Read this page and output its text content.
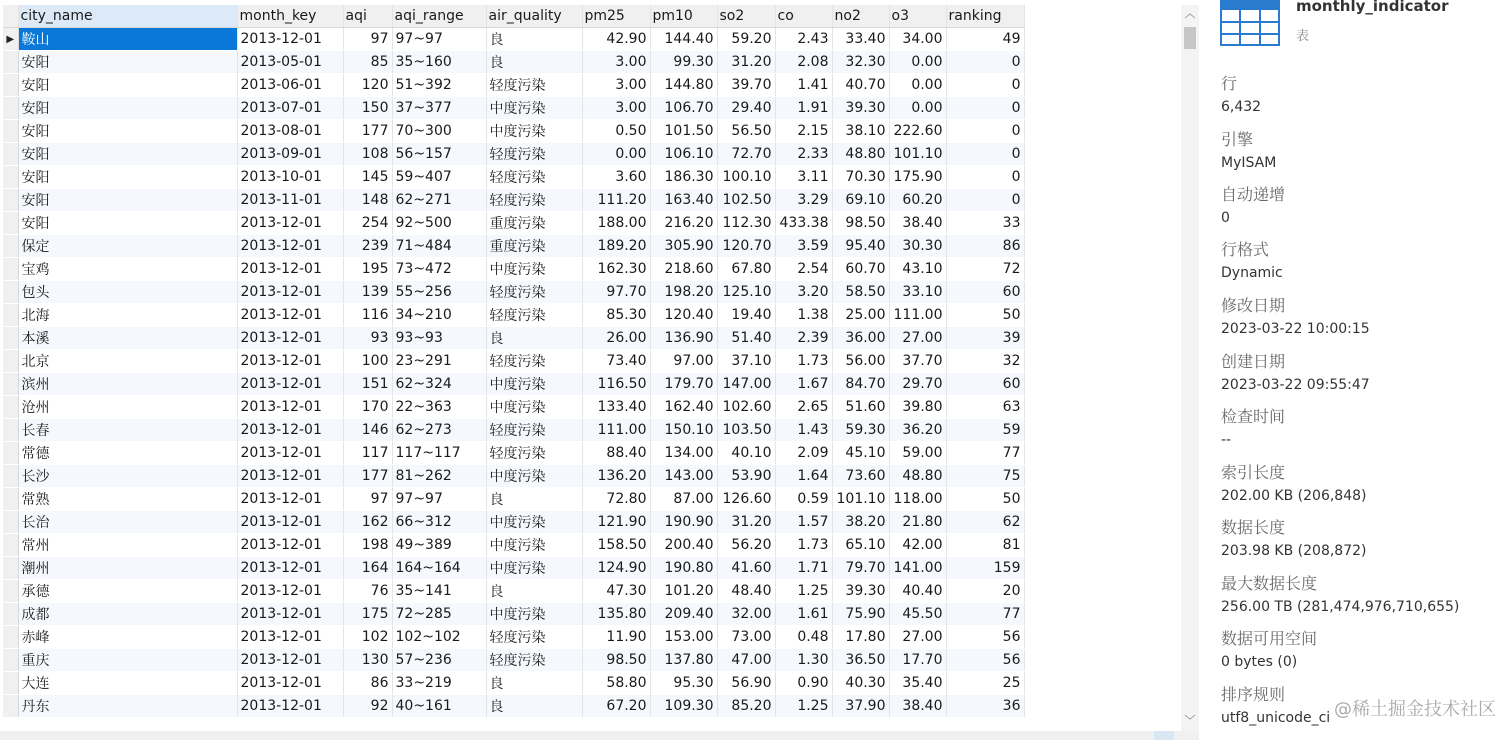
	city_name	month_key	aqi	aqi_range	air_quality	pm25	pm10	so2	co	no2	o3	ranking
▶	鞍山	2013-12-01	97	97~97	良	42.90	144.40	59.20	2.43	33.40	34.00	49
	安阳	2013-05-01	85	35~160	良	3.00	99.30	31.20	2.08	32.30	0.00	0
	安阳	2013-06-01	120	51~392	轻度污染	3.00	144.80	39.70	1.41	40.70	0.00	0
	安阳	2013-07-01	150	37~377	中度污染	3.00	106.70	29.40	1.91	39.30	0.00	0
	安阳	2013-08-01	177	70~300	中度污染	0.50	101.50	56.50	2.15	38.10	222.60	0
	安阳	2013-09-01	108	56~157	轻度污染	0.00	106.10	72.70	2.33	48.80	101.10	0
	安阳	2013-10-01	145	59~407	轻度污染	3.60	186.30	100.10	3.11	70.30	175.90	0
	安阳	2013-11-01	148	62~271	轻度污染	111.20	163.40	102.50	3.29	69.10	60.20	0
	安阳	2013-12-01	254	92~500	重度污染	188.00	216.20	112.30	433.38	98.50	38.40	33
	保定	2013-12-01	239	71~484	重度污染	189.20	305.90	120.70	3.59	95.40	30.30	86
	宝鸡	2013-12-01	195	73~472	中度污染	162.30	218.60	67.80	2.54	60.70	43.10	72
	包头	2013-12-01	139	55~256	轻度污染	97.70	198.20	125.10	3.20	58.50	33.10	60
	北海	2013-12-01	116	34~210	轻度污染	85.30	120.40	19.40	1.38	25.00	111.00	50
	本溪	2013-12-01	93	93~93	良	26.00	136.90	51.40	2.39	36.00	27.00	39
	北京	2013-12-01	100	23~291	轻度污染	73.40	97.00	37.10	1.73	56.00	37.70	32
	滨州	2013-12-01	151	62~324	中度污染	116.50	179.70	147.00	1.67	84.70	29.70	60
	沧州	2013-12-01	170	22~363	中度污染	133.40	162.40	102.60	2.65	51.60	39.80	63
	长春	2013-12-01	146	62~273	轻度污染	111.00	150.10	103.50	1.43	59.30	36.20	59
	常德	2013-12-01	117	117~117	轻度污染	88.40	134.00	40.10	2.09	45.10	59.00	77
	长沙	2013-12-01	177	81~262	中度污染	136.20	143.00	53.90	1.64	73.60	48.80	75
	常熟	2013-12-01	97	97~97	良	72.80	87.00	126.60	0.59	101.10	118.00	50
	长治	2013-12-01	162	66~312	中度污染	121.90	190.90	31.20	1.57	38.20	21.80	62
	常州	2013-12-01	198	49~389	中度污染	158.50	200.40	56.20	1.73	65.10	42.00	81
	潮州	2013-12-01	164	164~164	中度污染	124.90	190.80	41.60	1.71	79.70	141.00	159
	承德	2013-12-01	76	35~141	良	47.30	101.20	48.40	1.25	39.30	40.40	20
	成都	2013-12-01	175	72~285	中度污染	135.80	209.40	32.00	1.61	75.90	45.50	77
	赤峰	2013-12-01	102	102~102	轻度污染	11.90	153.00	73.00	0.48	17.80	27.00	56
	重庆	2013-12-01	130	57~236	轻度污染	98.50	137.80	47.00	1.30	36.50	17.70	56
	大连	2013-12-01	86	33~219	良	58.80	95.30	56.90	0.90	40.30	35.40	25
	丹东	2013-12-01	92	40~161	良	67.20	109.30	85.20	1.25	37.90	38.40	36
︿
﹀
monthly_indicator
表
行
6,432
引擎
MyISAM
自动递增
0
行格式
Dynamic
修改日期
2023-03-22 10:00:15
创建日期
2023-03-22 09:55:47
检查时间
--
索引长度
202.00 KB (206,848)
数据长度
203.98 KB (208,872)
最大数据长度
256.00 TB (281,474,976,710,655)
数据可用空间
0 bytes (0)
排序规则
utf8_unicode_ci @稀土掘金技术社区
